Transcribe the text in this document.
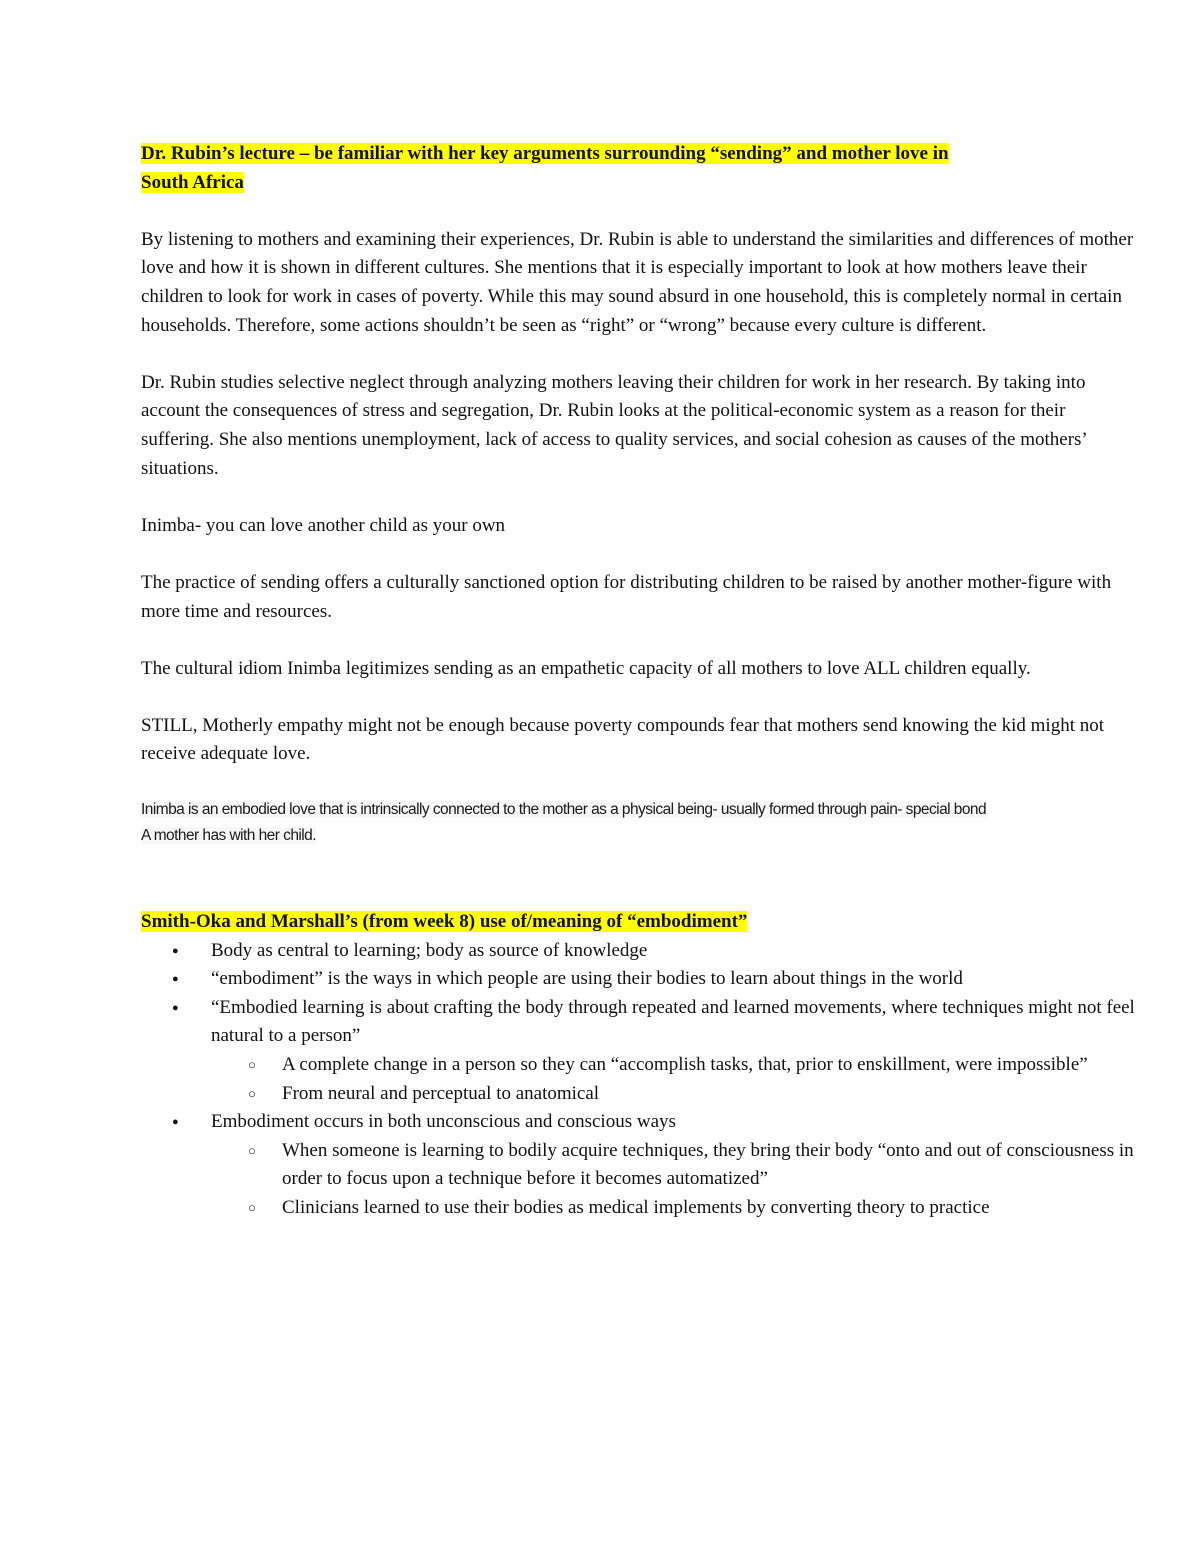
Dr. Rubin’s lecture – be familiar with her key arguments surrounding “sending” and mother love in
South Africa

By listening to mothers and examining their experiences, Dr. Rubin is able to understand the similarities and differences of mother love and how it is shown in different cultures. She mentions that it is especially important to look at how mothers leave their children to look for work in cases of poverty. While this may sound absurd in one household, this is completely normal in certain households. Therefore, some actions shouldn’t be seen as “right” or “wrong” because every culture is different.

Dr. Rubin studies selective neglect through analyzing mothers leaving their children for work in her research. By taking into account the consequences of stress and segregation, Dr. Rubin looks at the political-economic system as a reason for their suffering. She also mentions unemployment, lack of access to quality services, and social cohesion as causes of the mothers’ situations.

Inimba- you can love another child as your own

The practice of sending offers a culturally sanctioned option for distributing children to be raised by another mother-figure with more time and resources.

The cultural idiom Inimba legitimizes sending as an empathetic capacity of all mothers to love ALL children equally.

STILL, Motherly empathy might not be enough because poverty compounds fear that mothers send knowing the kid might not receive adequate love.

Inimba is an embodied love that is intrinsically connected to the mother as a physical being- usually formed through pain- special bond
A mother has with her child.

Smith-Oka and Marshall’s (from week 8) use of/meaning of “embodiment”

● Body as central to learning; body as source of knowledge
● “embodiment” is the ways in which people are using their bodies to learn about things in the world
● “Embodied learning is about crafting the body through repeated and learned movements, where techniques might not feel natural to a person”
○ A complete change in a person so they can “accomplish tasks, that, prior to enskillment, were impossible”
○ From neural and perceptual to anatomical
● Embodiment occurs in both unconscious and conscious ways
○ When someone is learning to bodily acquire techniques, they bring their body “onto and out of consciousness in order to focus upon a technique before it becomes automatized”
○ Clinicians learned to use their bodies as medical implements by converting theory to practice
